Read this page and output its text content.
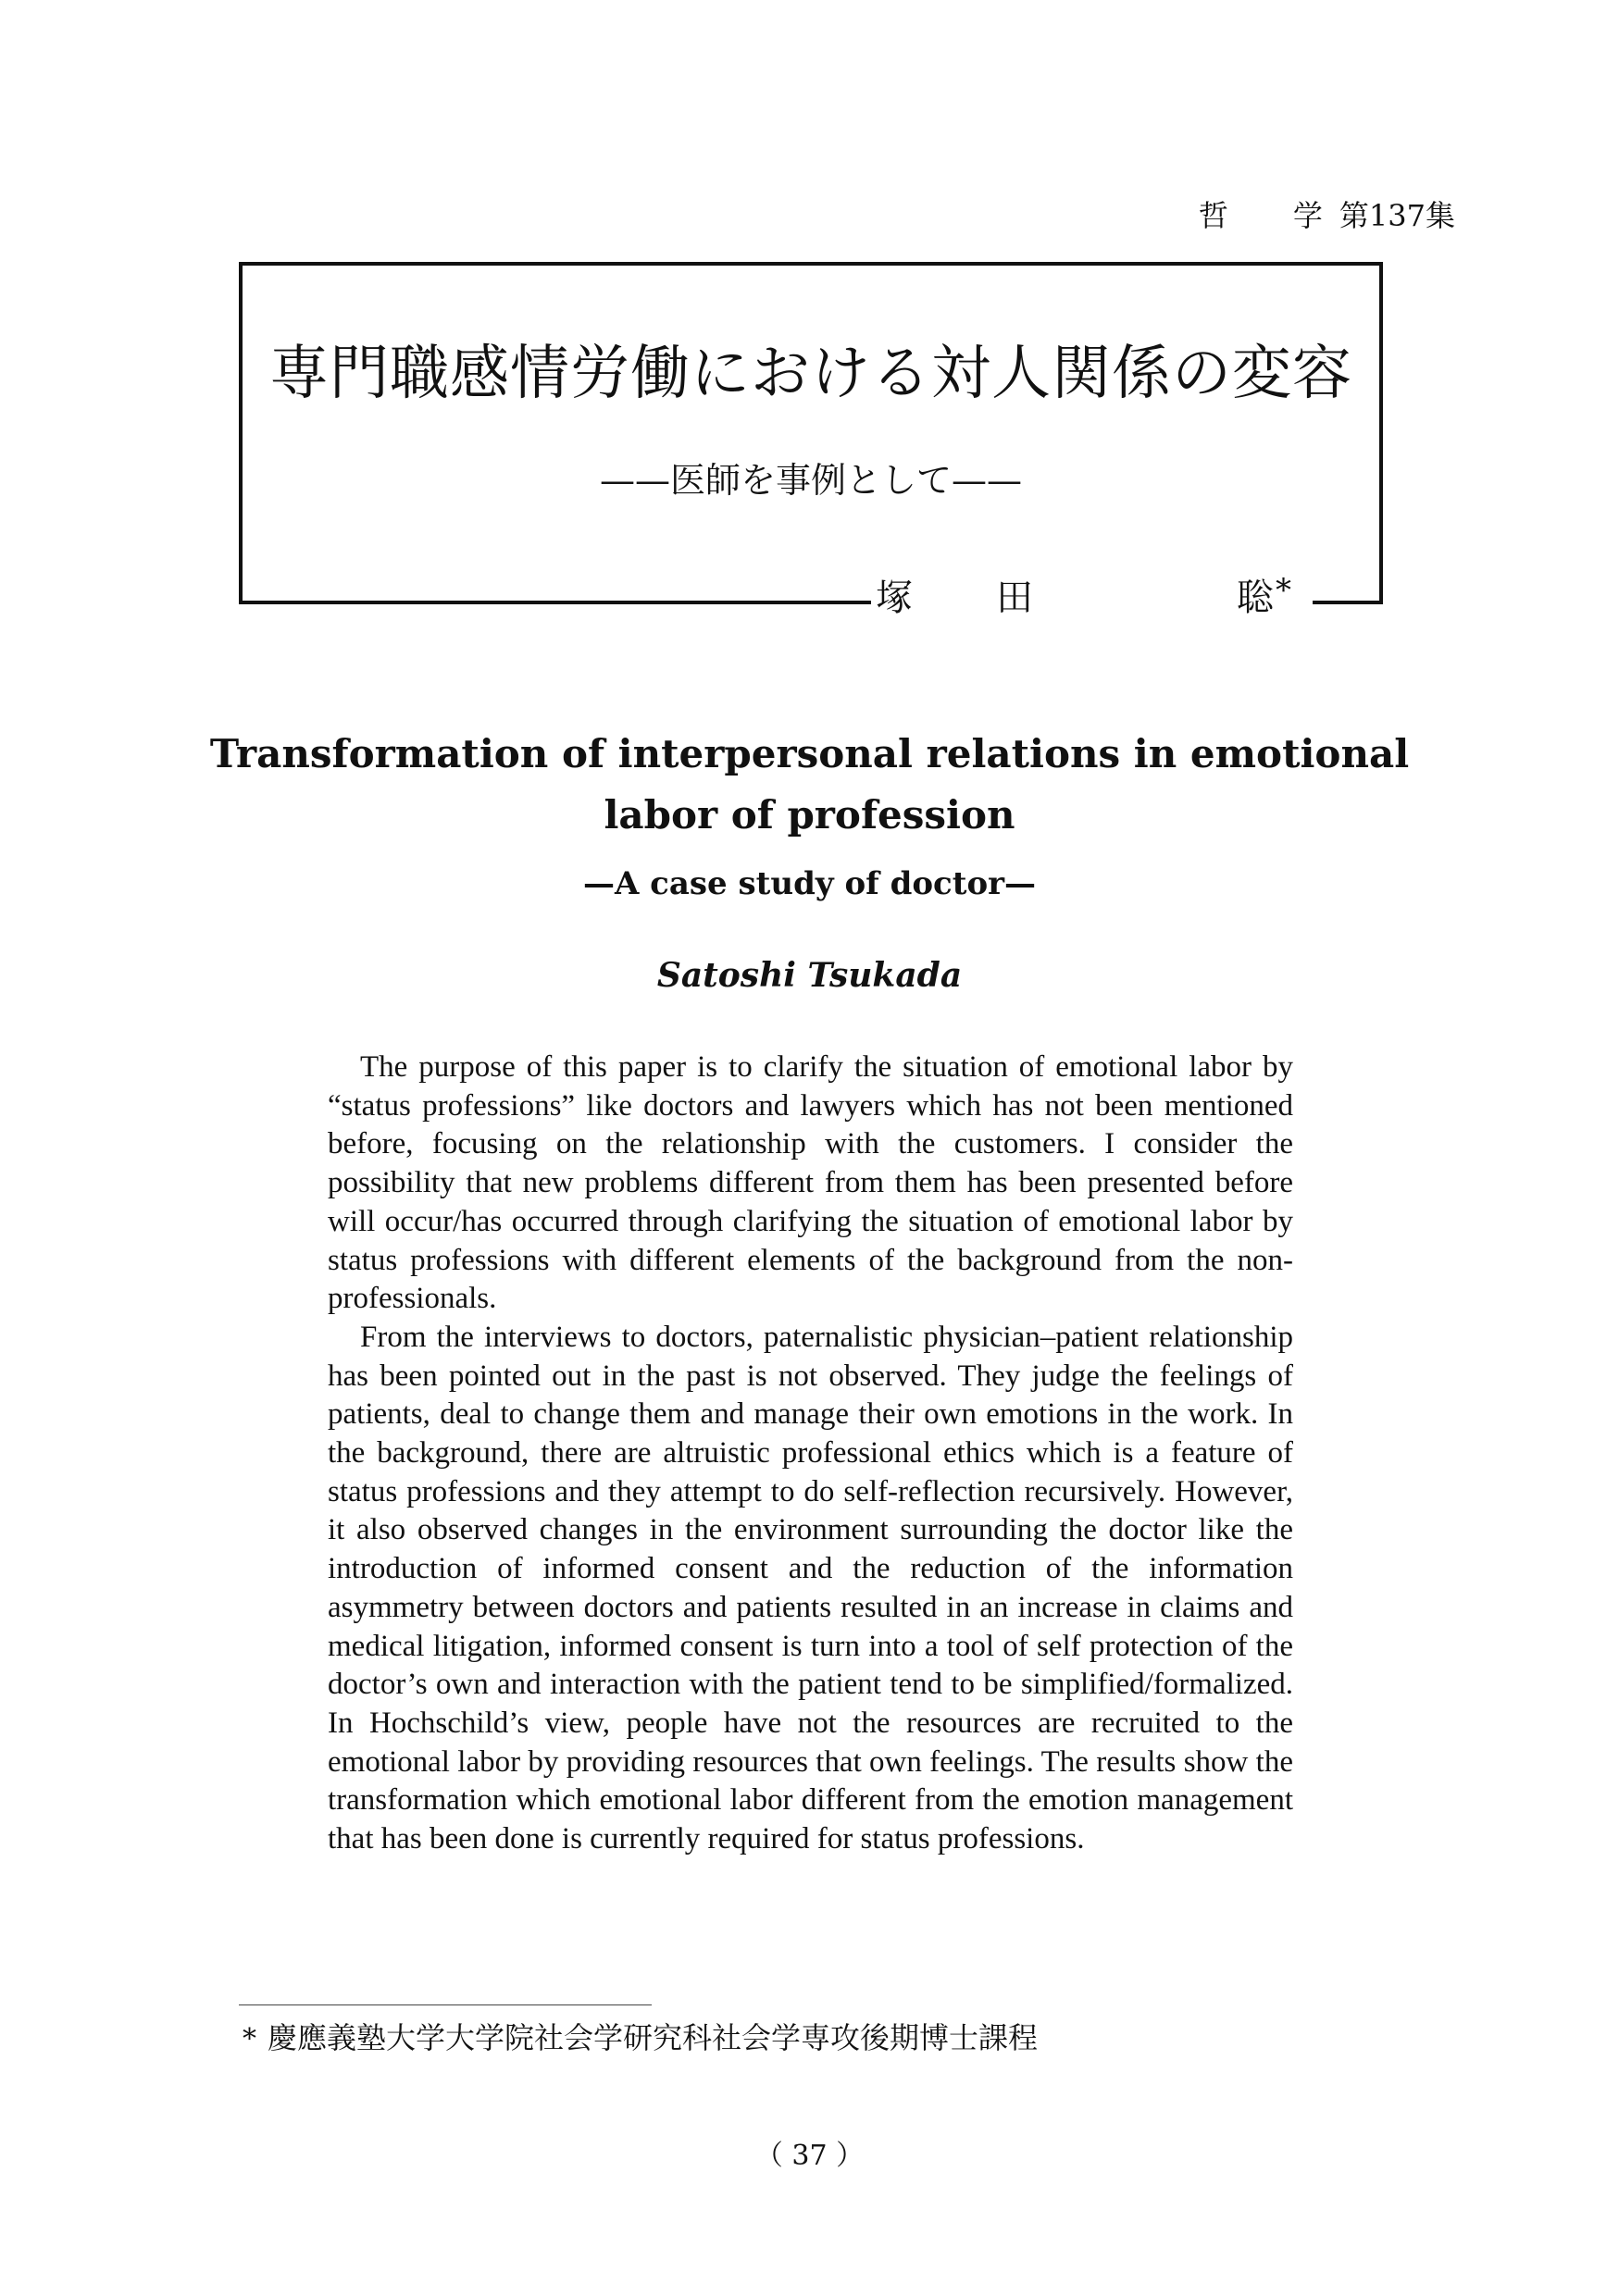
哲 学 第137集
専門職感情労働における対人関係の変容
——医師を事例として——
塚 田	聡 *
Transformation of interpersonal relations in emotional labor of profession
—A case study of doctor—
Satoshi Tsukada

The purpose of this paper is to clarify the situation of emotional labor by “status professions” like doctors and lawyers which has not been mentioned before, focusing on the relationship with the customers. I consider the possibility that new problems different from them has been presented before will occur/has occurred through clarifying the situation of emotional labor by status professions with different elements of the background from the non-professionals.

From the interviews to doctors, paternalistic physician–patient relationship has been pointed out in the past is not observed. They judge the feelings of patients, deal to change them and manage their own emotions in the work. In the background, there are altruistic professional ethics which is a feature of status professions and they attempt to do self-reflection recursively. However, it also observed changes in the environment surrounding the doctor like the introduction of informed consent and the reduction of the information asymmetry between doctors and patients resulted in an increase in claims and medical litigation, informed consent is turn into a tool of self protection of the doctor’s own and interaction with the patient tend to be simplified/formalized. In Hochschild’s view, people have not the resources are recruited to the emotional labor by providing resources that own feelings. The results show the transformation which emotional labor different from the emotion management that has been done is currently required for status professions.

* 慶應義塾大学大学院社会学研究科社会学専攻後期博士課程
（ 37 ）
